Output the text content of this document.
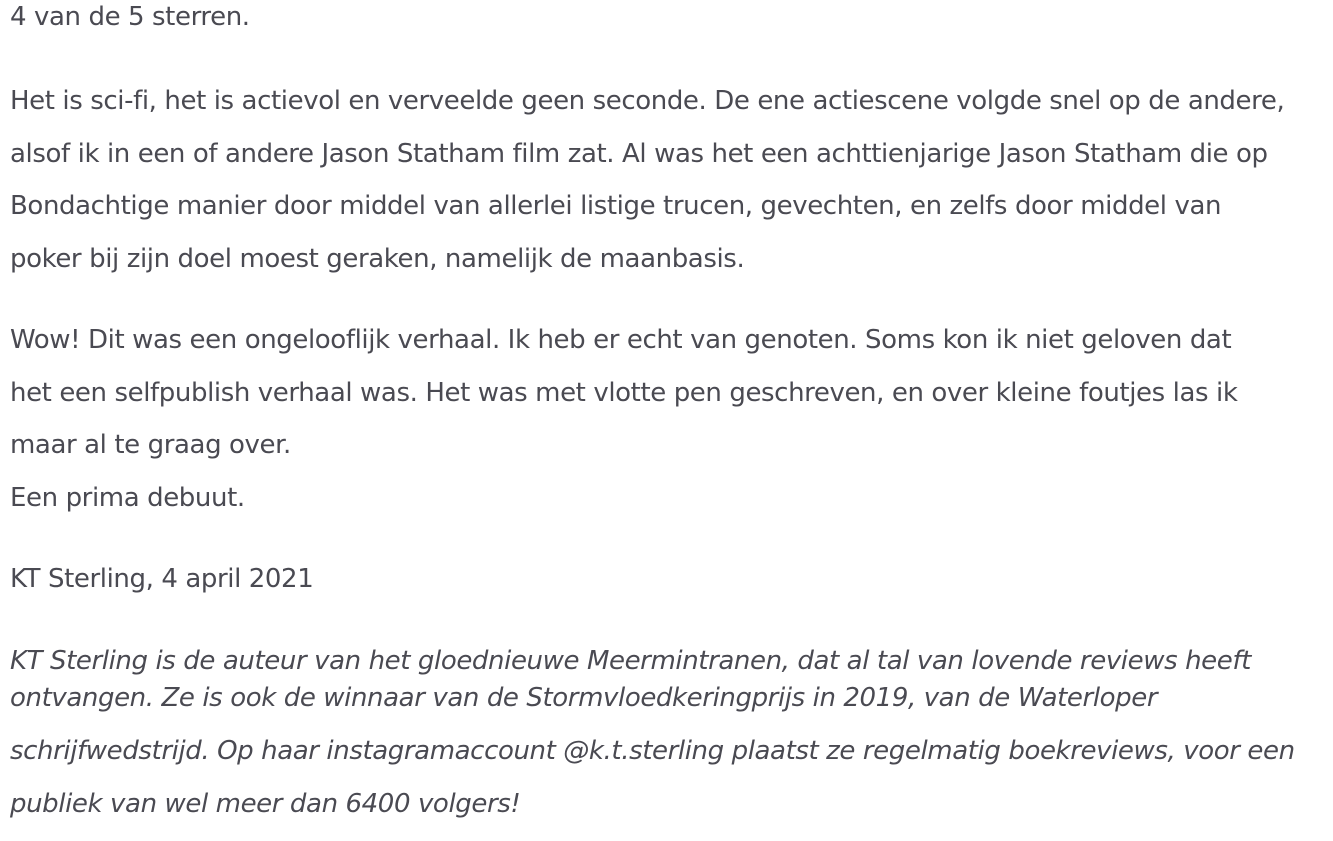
4 van de 5 sterren.
Het is sci-fi, het is actievol en verveelde geen seconde. De ene actiescene volgde snel op de andere,
alsof ik in een of andere Jason Statham film zat. Al was het een achttienjarige Jason Statham die op
Bondachtige manier door middel van allerlei listige trucen, gevechten, en zelfs door middel van
poker bij zijn doel moest geraken, namelijk de maanbasis.
Wow! Dit was een ongelooflijk verhaal. Ik heb er echt van genoten. Soms kon ik niet geloven dat
het een selfpublish verhaal was. Het was met vlotte pen geschreven, en over kleine foutjes las ik
maar al te graag over.
Een prima debuut.
KT Sterling, 4 april 2021
KT Sterling is de auteur van het gloednieuwe Meermintranen, dat al tal van lovende reviews heeft
ontvangen. Ze is ook de winnaar van de Stormvloedkeringprijs in 2019, van de Waterloper
schrijfwedstrijd. Op haar instagramaccount @k.t.sterling plaatst ze regelmatig boekreviews, voor een
publiek van wel meer dan 6400 volgers!
